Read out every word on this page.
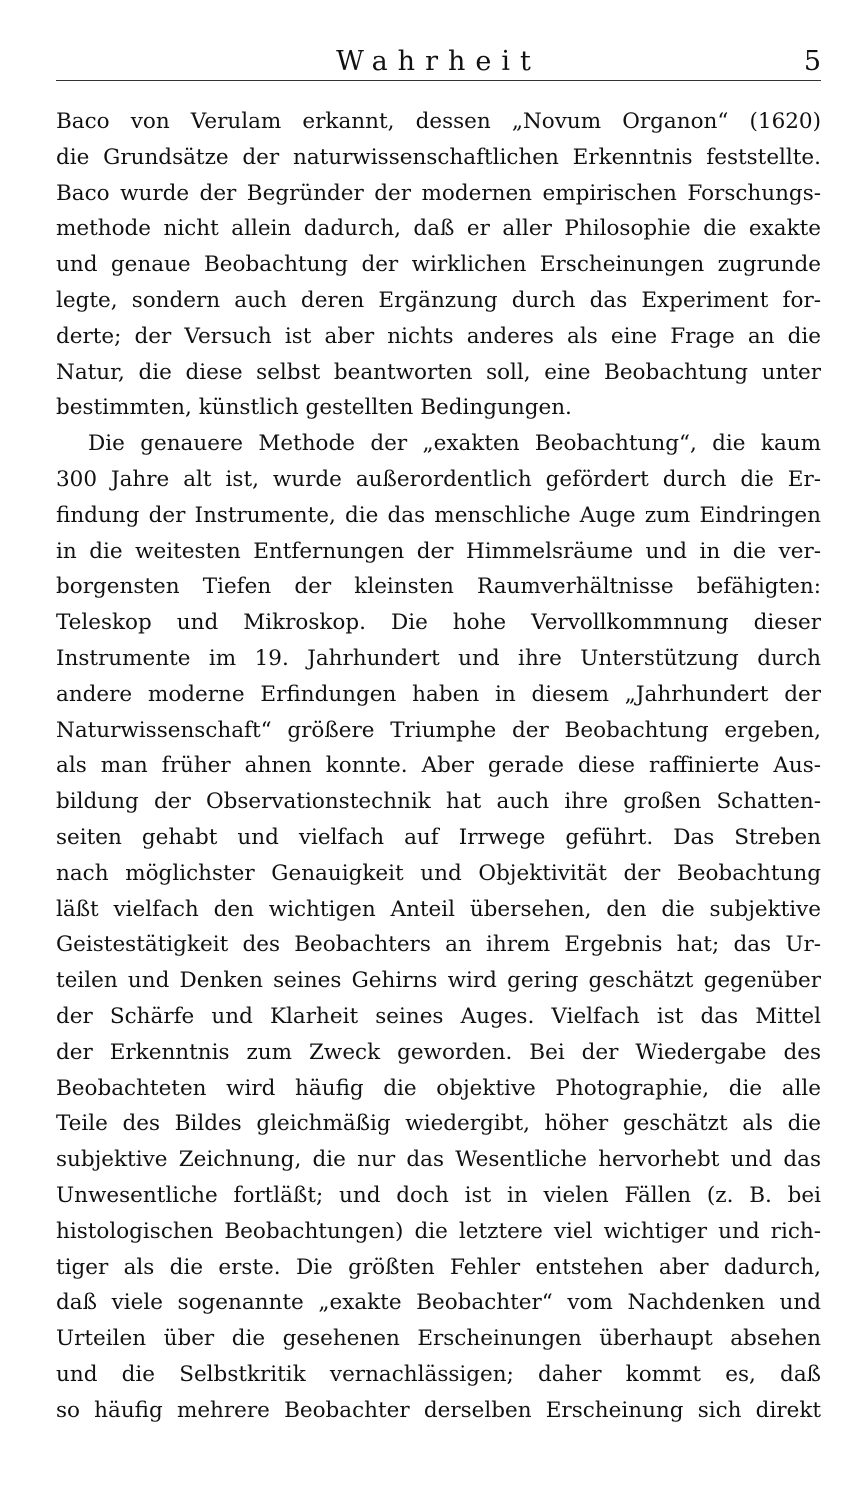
Wahrheit	5
Baco von Verulam erkannt, dessen „Novum Organon“ (1620)
die Grundsätze der naturwissenschaftlichen Erkenntnis feststellte.
Baco wurde der Begründer der modernen empirischen Forschungs-
methode nicht allein dadurch, daß er aller Philosophie die exakte
und genaue Beobachtung der wirklichen Erscheinungen zugrunde
legte, sondern auch deren Ergänzung durch das Experiment for-
derte; der Versuch ist aber nichts anderes als eine Frage an die
Natur, die diese selbst beantworten soll, eine Beobachtung unter
bestimmten, künstlich gestellten Bedingungen.
Die genauere Methode der „exakten Beobachtung“, die kaum
300 Jahre alt ist, wurde außerordentlich gefördert durch die Er-
findung der Instrumente, die das menschliche Auge zum Eindringen
in die weitesten Entfernungen der Himmelsräume und in die ver-
borgensten Tiefen der kleinsten Raumverhältnisse befähigten:
Teleskop und Mikroskop. Die hohe Vervollkommnung dieser
Instrumente im 19. Jahrhundert und ihre Unterstützung durch
andere moderne Erfindungen haben in diesem „Jahrhundert der
Naturwissenschaft“ größere Triumphe der Beobachtung ergeben,
als man früher ahnen konnte. Aber gerade diese raffinierte Aus-
bildung der Observationstechnik hat auch ihre großen Schatten-
seiten gehabt und vielfach auf Irrwege geführt. Das Streben
nach möglichster Genauigkeit und Objektivität der Beobachtung
läßt vielfach den wichtigen Anteil übersehen, den die subjektive
Geistestätigkeit des Beobachters an ihrem Ergebnis hat; das Ur-
teilen und Denken seines Gehirns wird gering geschätzt gegenüber
der Schärfe und Klarheit seines Auges. Vielfach ist das Mittel
der Erkenntnis zum Zweck geworden. Bei der Wiedergabe des
Beobachteten wird häufig die objektive Photographie, die alle
Teile des Bildes gleichmäßig wiedergibt, höher geschätzt als die
subjektive Zeichnung, die nur das Wesentliche hervorhebt und das
Unwesentliche fortläßt; und doch ist in vielen Fällen (z. B. bei
histologischen Beobachtungen) die letztere viel wichtiger und rich-
tiger als die erste. Die größten Fehler entstehen aber dadurch,
daß viele sogenannte „exakte Beobachter“ vom Nachdenken und
Urteilen über die gesehenen Erscheinungen überhaupt absehen
und die Selbstkritik vernachlässigen; daher kommt es, daß
so häufig mehrere Beobachter derselben Erscheinung sich direkt
